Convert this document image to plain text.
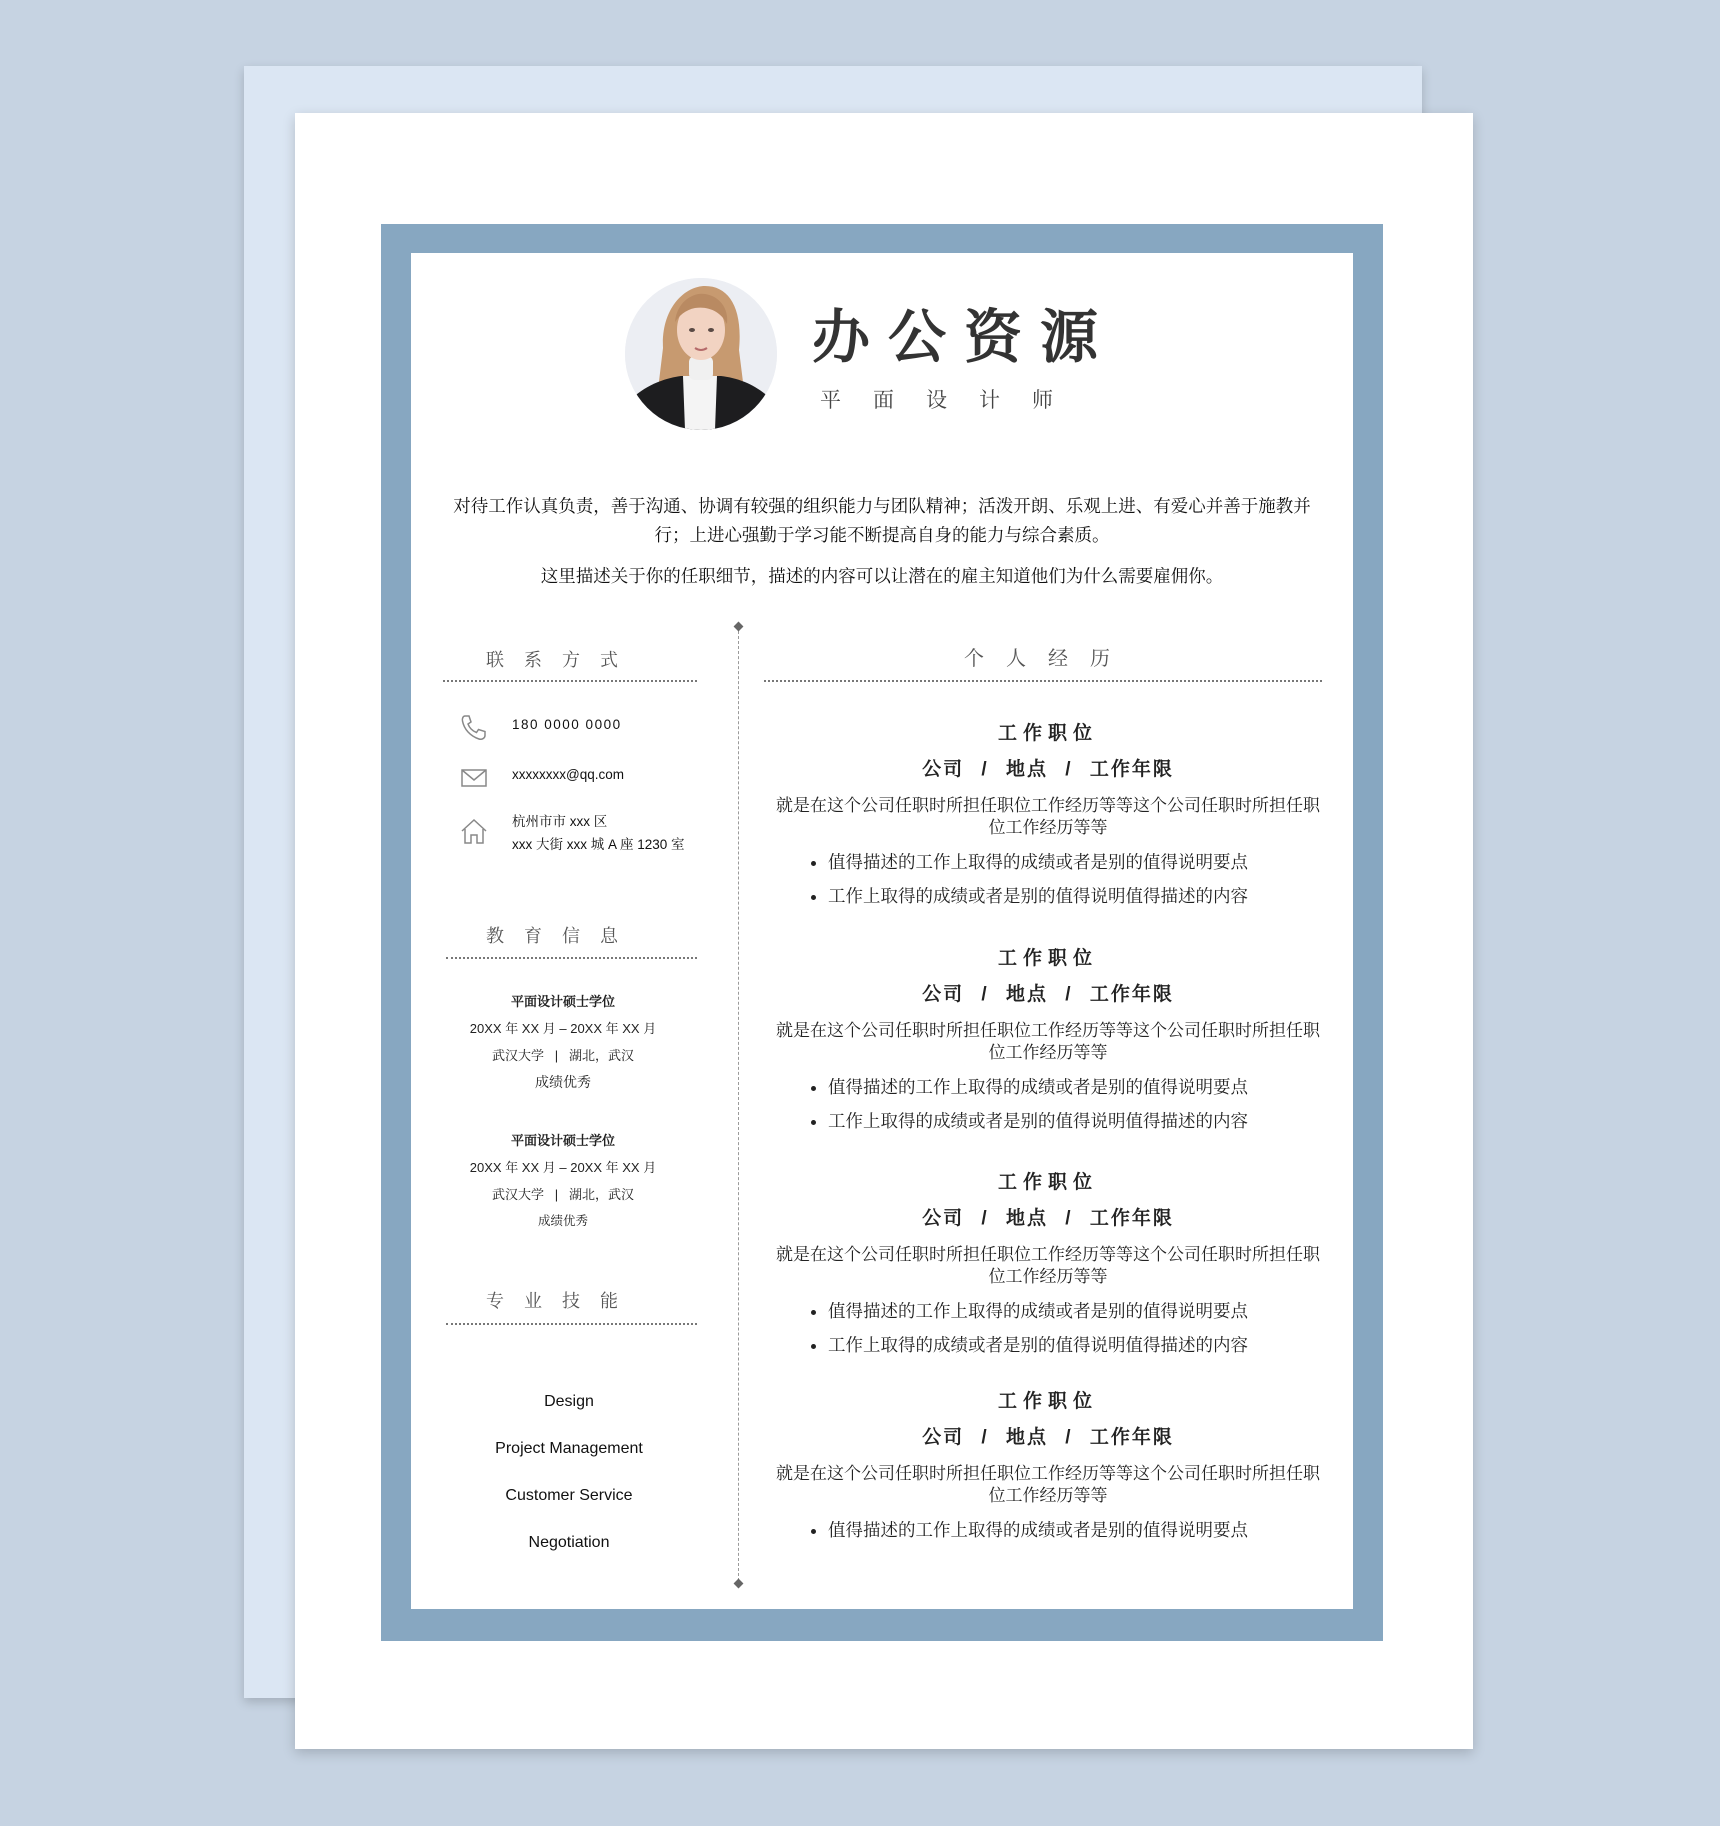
办公资源
平面设计师

对待工作认真负责，善于沟通、协调有较强的组织能力与团队精神；活泼开朗、乐观上进、有爱心并善于施教并行；上进心强勤于学习能不断提高自身的能力与综合素质。

这里描述关于你的任职细节，描述的内容可以让潜在的雇主知道他们为什么需要雇佣你。

联系方式
180 0000 0000
xxxxxxxx@qq.com
杭州市市 xxx 区
xxx 大街 xxx 城 A 座 1230 室
教育信息
平面设计硕士学位
20XX 年 XX 月 – 20XX 年 XX 月
武汉大学   |   湖北，武汉
成绩优秀
平面设计硕士学位
20XX 年 XX 月 – 20XX 年 XX 月
武汉大学   |   湖北，武汉
成绩优秀
专业技能
Design
Project Management
Customer Service
Negotiation
个人经历
工作职位
公司 / 地点 / 工作年限
就是在这个公司任职时所担任职位工作经历等等这个公司任职时所担任职位工作经历等等
• 值得描述的工作上取得的成绩或者是别的值得说明要点
• 工作上取得的成绩或者是别的值得说明值得描述的内容
工作职位
公司 / 地点 / 工作年限
就是在这个公司任职时所担任职位工作经历等等这个公司任职时所担任职位工作经历等等
• 值得描述的工作上取得的成绩或者是别的值得说明要点
• 工作上取得的成绩或者是别的值得说明值得描述的内容
工作职位
公司 / 地点 / 工作年限
就是在这个公司任职时所担任职位工作经历等等这个公司任职时所担任职位工作经历等等
• 值得描述的工作上取得的成绩或者是别的值得说明要点
• 工作上取得的成绩或者是别的值得说明值得描述的内容
工作职位
公司 / 地点 / 工作年限
就是在这个公司任职时所担任职位工作经历等等这个公司任职时所担任职位工作经历等等
• 值得描述的工作上取得的成绩或者是别的值得说明要点
